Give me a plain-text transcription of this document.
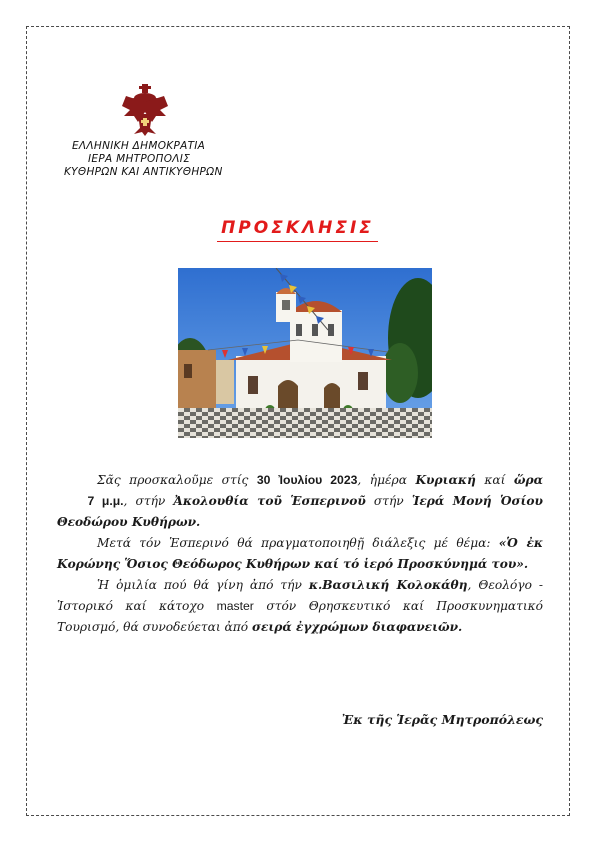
ΕΛΛΗΝΙΚΗ ΔΗΜΟΚΡΑΤΙΑ
ΙΕΡΑ ΜΗΤΡΟΠΟΛΙΣ
ΚΥΘΗΡΩΝ ΚΑΙ ΑΝΤΙΚΥΘΗΡΩΝ
ΠΡΟΣΚΛΗΣΙΣ

Σᾶς προσκαλοῦμε στίς 30 Ἰουλίου 2023, ἡμέρα Κυριακή καί ὥρα    7 μ.μ., στήν Ἀκολουθία τοῦ Ἑσπερινοῦ στήν Ἱερά Μονή Ὁσίου Θεοδώρου Κυθήρων.

Μετά τόν Ἑσπερινό θά πραγματοποιηθῇ διάλεξις μέ θέμα: «Ὁ ἐκ Κορώνης Ὅσιος Θεόδωρος Κυθήρων καί τό ἱερό Προσκύνημά του».

Ἡ ὁμιλία πού θά γίνη ἀπό τήν κ.Βασιλική Κολοκάθη, Θεολόγο - Ἱστορικό καί κάτοχο master στόν Θρησκευτικό καί Προσκυνηματικό Τουρισμό, θά συνοδεύεται ἀπό σειρά ἐγχρώμων διαφανειῶν.

Ἐκ τῆς Ἱερᾶς Μητροπόλεως
